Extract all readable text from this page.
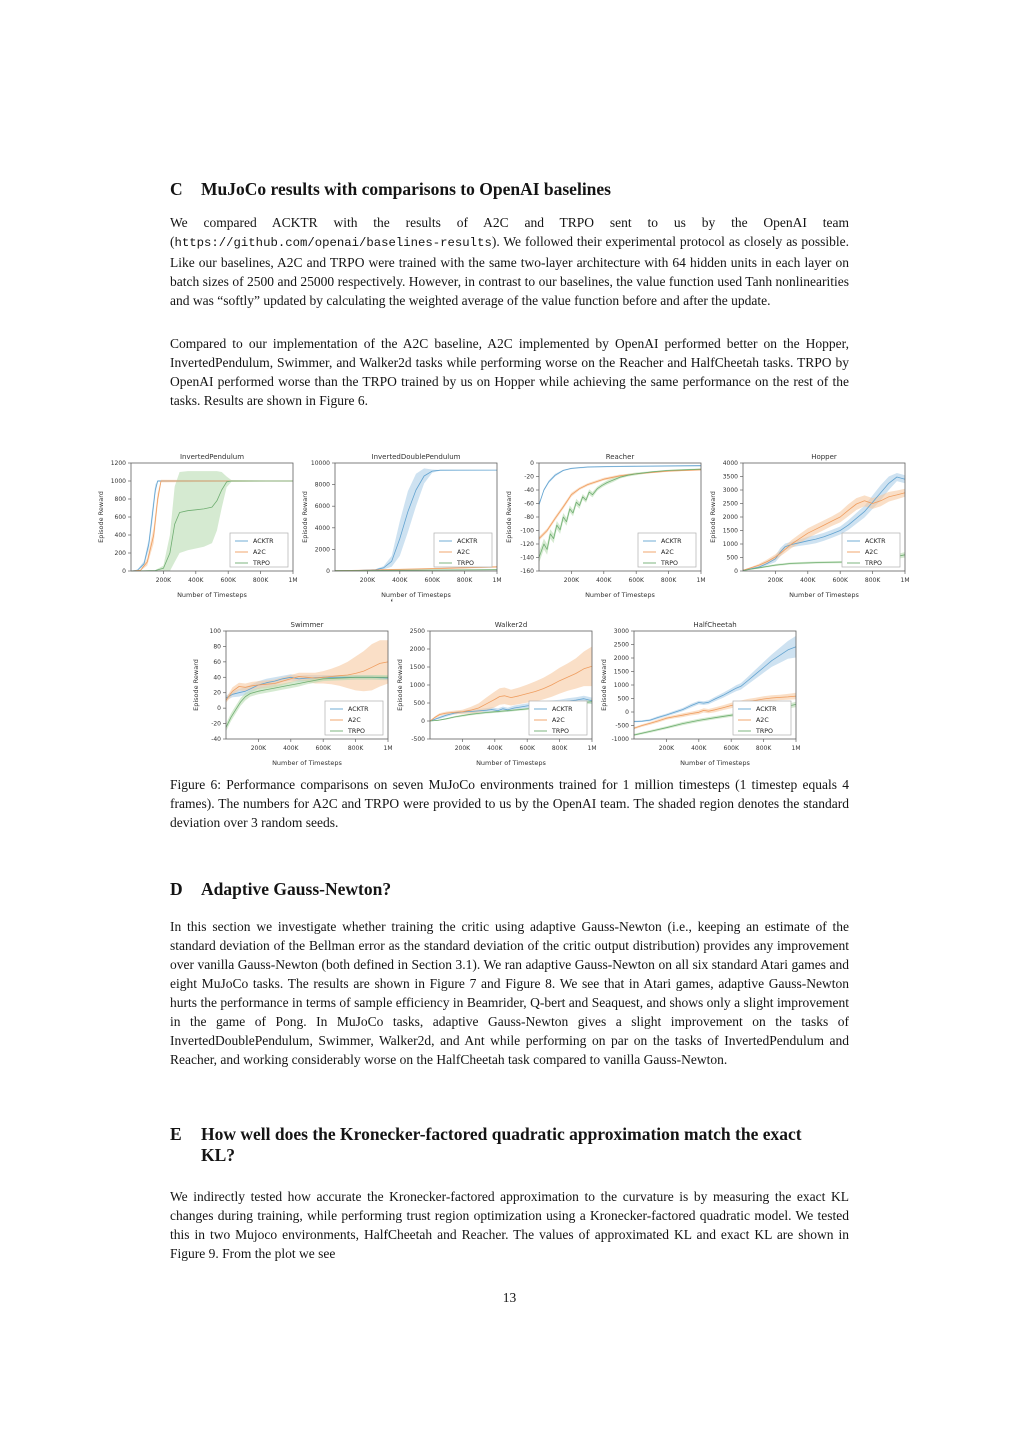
C	MuJoCo results with comparisons to OpenAI baselines

We compared ACKTR with the results of A2C and TRPO sent to us by the OpenAI team (https://github.com/openai/baselines-results). We followed their experimental protocol as closely as possible. Like our baselines, A2C and TRPO were trained with the same two-layer architecture with 64 hidden units in each layer on batch sizes of 2500 and 25000 respectively. However, in contrast to our baselines, the value function used Tanh nonlinearities and was “softly” updated by calculating the weighted average of the value function before and after the update.

Compared to our implementation of the A2C baseline, A2C implemented by OpenAI performed better on the Hopper, InvertedPendulum, Swimmer, and Walker2d tasks while performing worse on the Reacher and HalfCheetah tasks. TRPO by OpenAI performed worse than the TRPO trained by us on Hopper while achieving the same performance on the rest of the tasks. Results are shown in Figure 6.

0
200
400
600
800
1000
1200
200K	400K	600K	800K	1M
InvertedPendulum
Number of Timesteps
Episode Reward	ACKTR
A2C
TRPO
0
2000
4000
6000
8000
10000
200K	400K	600K	800K	1M
InvertedDoublePendulum
Number of Timesteps
Episode Reward	ACKTR
A2C
TRPO
0
-20
-40
-60
-80
-100
-120
-140
-160
200K	400K	600K	800K	1M
Reacher
Number of Timesteps
Episode Reward	ACKTR
A2C
TRPO
0
500
1000
1500
2000
2500
3000
3500
4000
200K	400K	600K	800K	1M
Hopper
Number of Timesteps
Episode Reward	ACKTR
A2C
TRPO
‘
-40
-20
0
20
40
60
80
100
200K	400K	600K	800K	1M
Swimmer
Number of Timesteps
Episode Reward	ACKTR
A2C
TRPO
-500
0
500
1000
1500
2000
2500
200K	400K	600K	800K	1M
Walker2d
Number of Timesteps
Episode Reward	ACKTR
A2C
TRPO
-1000
-500
0
500
1000
1500
2000
2500
3000
200K	400K	600K	800K	1M
HalfCheetah
Number of Timesteps
Episode Reward	ACKTR
A2C
TRPO

Figure 6: Performance comparisons on seven MuJoCo environments trained for 1 million timesteps (1 timestep equals 4 frames). The numbers for A2C and TRPO were provided to us by the OpenAI team. The shaded region denotes the standard deviation over 3 random seeds.

D	Adaptive Gauss-Newton?

In this section we investigate whether training the critic using adaptive Gauss-Newton (i.e., keeping an estimate of the standard deviation of the Bellman error as the standard deviation of the critic output distribution) provides any improvement over vanilla Gauss-Newton (both defined in Section 3.1). We ran adaptive Gauss-Newton on all six standard Atari games and eight MuJoCo tasks. The results are shown in Figure 7 and Figure 8. We see that in Atari games, adaptive Gauss-Newton hurts the performance in terms of sample efficiency in Beamrider, Q-bert and Seaquest, and shows only a slight improvement in the game of Pong. In MuJoCo tasks, adaptive Gauss-Newton gives a slight improvement on the tasks of InvertedDoublePendulum, Swimmer, Walker2d, and Ant while performing on par on the tasks of InvertedPendulum and Reacher, and working considerably worse on the HalfCheetah task compared to vanilla Gauss-Newton.

E	How well does the Kronecker-factored quadratic approximation match the exact KL?

We indirectly tested how accurate the Kronecker-factored approximation to the curvature is by measuring the exact KL changes during training, while performing trust region optimization using a Kronecker-factored quadratic model. We tested this in two Mujoco environments, HalfCheetah and Reacher. The values of approximated KL and exact KL are shown in Figure 9. From the plot we see

13
